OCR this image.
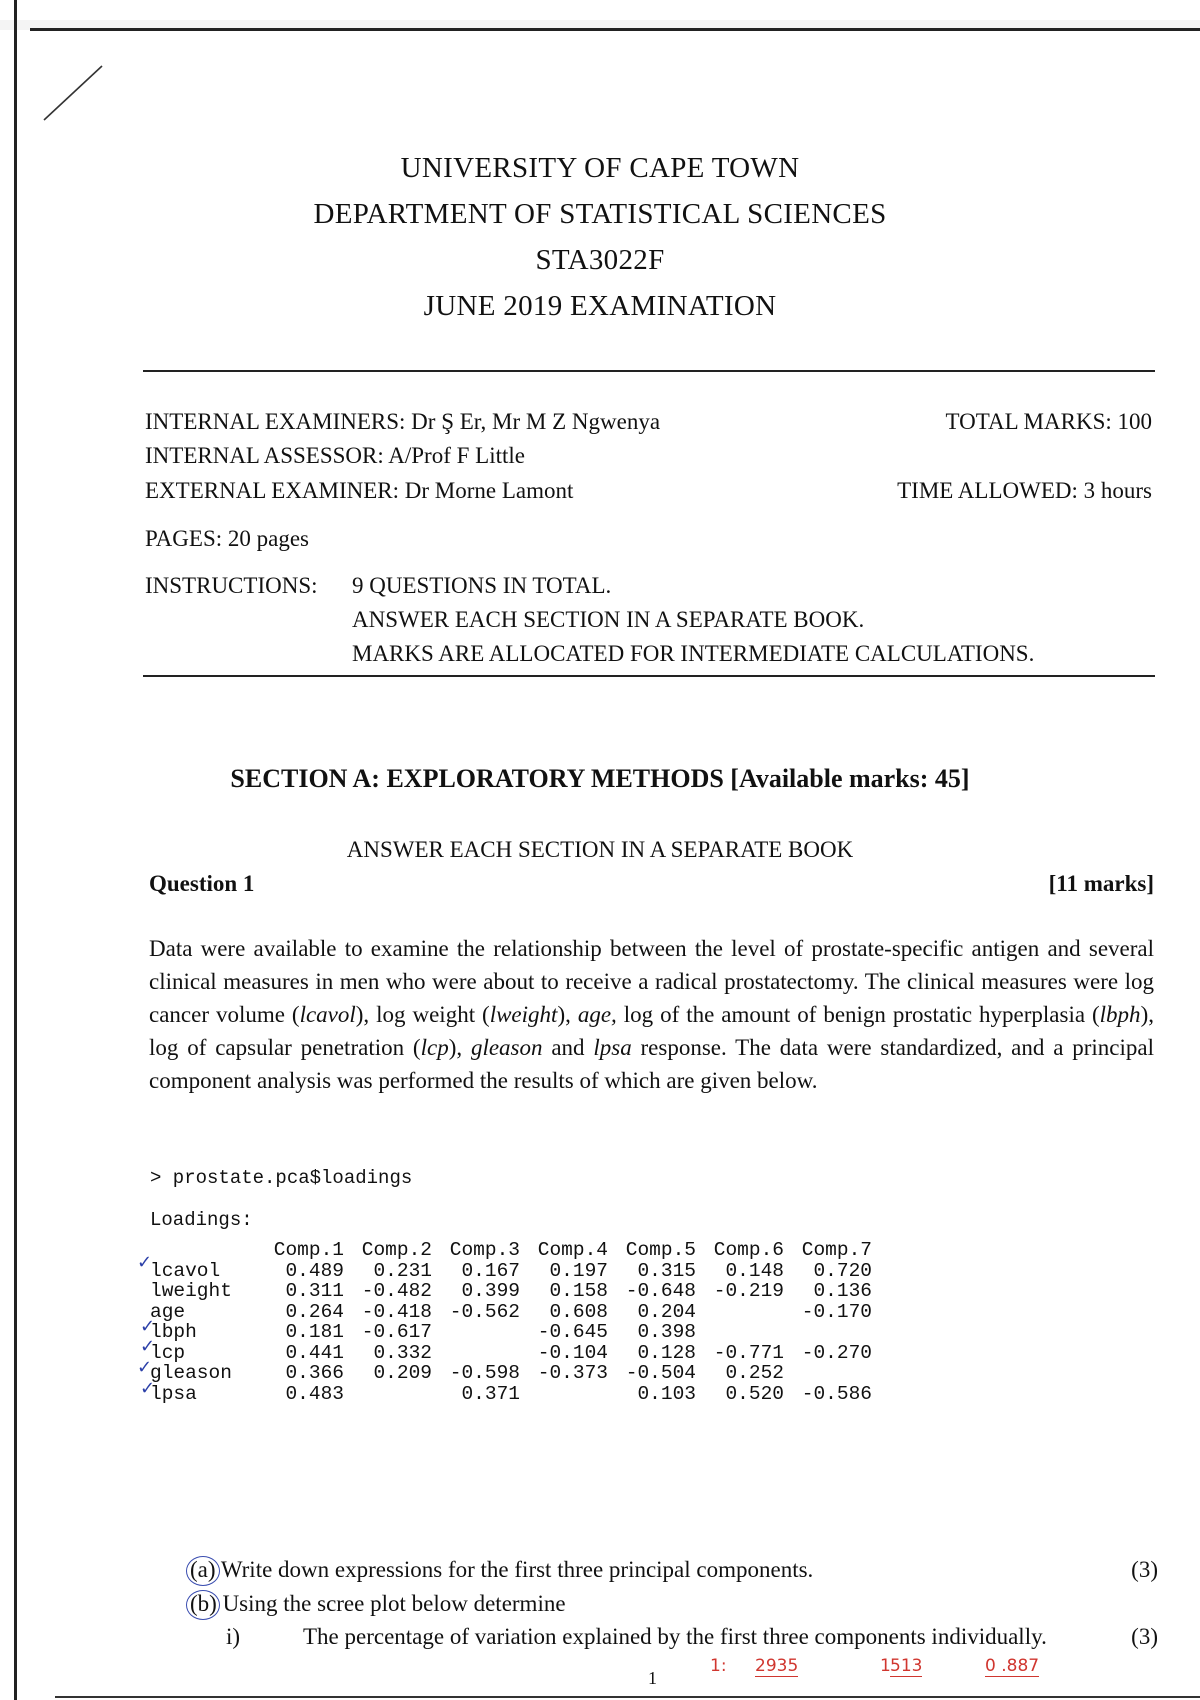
UNIVERSITY OF CAPE TOWN
DEPARTMENT OF STATISTICAL SCIENCES
STA3022F
JUNE 2019 EXAMINATION
INTERNAL EXAMINERS: Dr Ş Er, Mr M Z Ngwenya	TOTAL MARKS: 100
INTERNAL ASSESSOR: A/Prof F Little
EXTERNAL EXAMINER: Dr Morne Lamont	TIME ALLOWED: 3 hours
PAGES: 20 pages
INSTRUCTIONS: 9 QUESTIONS IN TOTAL.
ANSWER EACH SECTION IN A SEPARATE BOOK.
MARKS ARE ALLOCATED FOR INTERMEDIATE CALCULATIONS.
SECTION A: EXPLORATORY METHODS [Available marks: 45]
ANSWER EACH SECTION IN A SEPARATE BOOK
Question 1	[11 marks]
Data were available to examine the relationship between the level of prostate-specific antigen and several clinical measures in men who were about to receive a radical prostatectomy. The clinical measures were log cancer volume (lcavol), log weight (lweight), age, log of the amount of benign prostatic hyperplasia (lbph), log of capsular penetration (lcp), gleason and lpsa response. The data were standardized, and a principal component analysis was performed the results of which are given below.
> prostate.pca$loadings
Loadings:
	Comp.1	Comp.2	Comp.3	Comp.4	Comp.5	Comp.6	Comp.7
lcavol	0.489	0.231	0.167	0.197	0.315	0.148	0.720
lweight	0.311	-0.482	0.399	0.158	-0.648	-0.219	0.136
age	0.264	-0.418	-0.562	0.608	0.204		-0.170
lbph	0.181	-0.617		-0.645	0.398		
lcp	0.441	0.332		-0.104	0.128	-0.771	-0.270
gleason	0.366	0.209	-0.598	-0.373	-0.504	0.252	
lpsa	0.483		0.371		0.103	0.520	-0.586
✓
✓
✓
✓
✓
(a) Write down expressions for the first three principal components.	(3)
(b) Using the scree plot below determine
i)	The percentage of variation explained by the first three components individually.	(3)
1
1: 2935	1 513	0 .887
